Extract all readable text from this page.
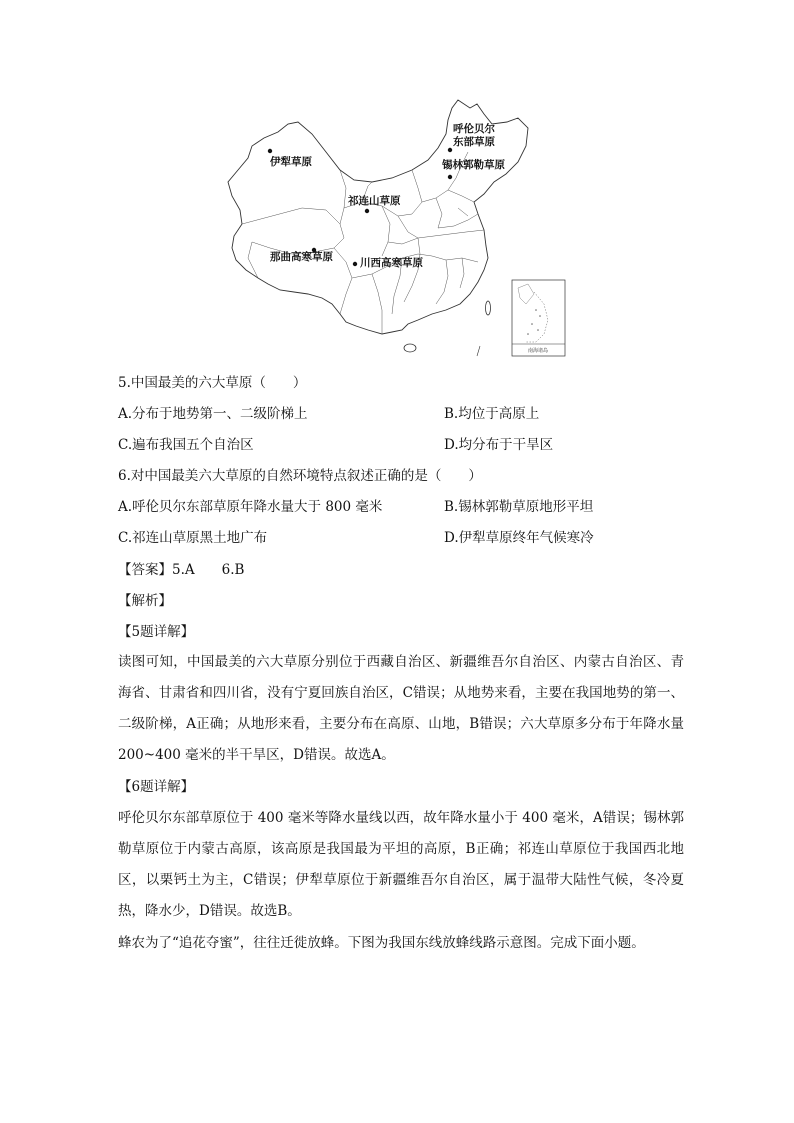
南海诸岛
呼伦贝尔
东部草原
锡林郭勒草原
伊犁草原
祁连山草原
那曲高寒草原	川西高寒草原
5.中国最美的六大草原（　　）
A.分布于地势第一、二级阶梯上	B.均位于高原上
C.遍布我国五个自治区	D.均分布于干旱区
6.对中国最美六大草原的自然环境特点叙述正确的是（　　）
A.呼伦贝尔东部草原年降水量大于 800 毫米	B.锡林郭勒草原地形平坦
C.祁连山草原黑土地广布	D.伊犁草原终年气候寒冷
【答案】5.A　　6.B
【解析】
【5题详解】
读图可知，中国最美的六大草原分别位于西藏自治区、新疆维吾尔自治区、内蒙古自治区、青海省、甘肃省和四川省，没有宁夏回族自治区，C错误；从地势来看，主要在我国地势的第一、二级阶梯，A正确；从地形来看，主要分布在高原、山地，B错误；六大草原多分布于年降水量 200~400 毫米的半干旱区，D错误。故选A。
【6题详解】
呼伦贝尔东部草原位于 400 毫米等降水量线以西，故年降水量小于 400 毫米，A错误；锡林郭勒草原位于内蒙古高原，该高原是我国最为平坦的高原，B正确；祁连山草原位于我国西北地区，以栗钙土为主，C错误；伊犁草原位于新疆维吾尔自治区，属于温带大陆性气候，冬冷夏热，降水少，D错误。故选B。
蜂农为了“追花夺蜜”，往往迁徙放蜂。下图为我国东线放蜂线路示意图。完成下面小题。
